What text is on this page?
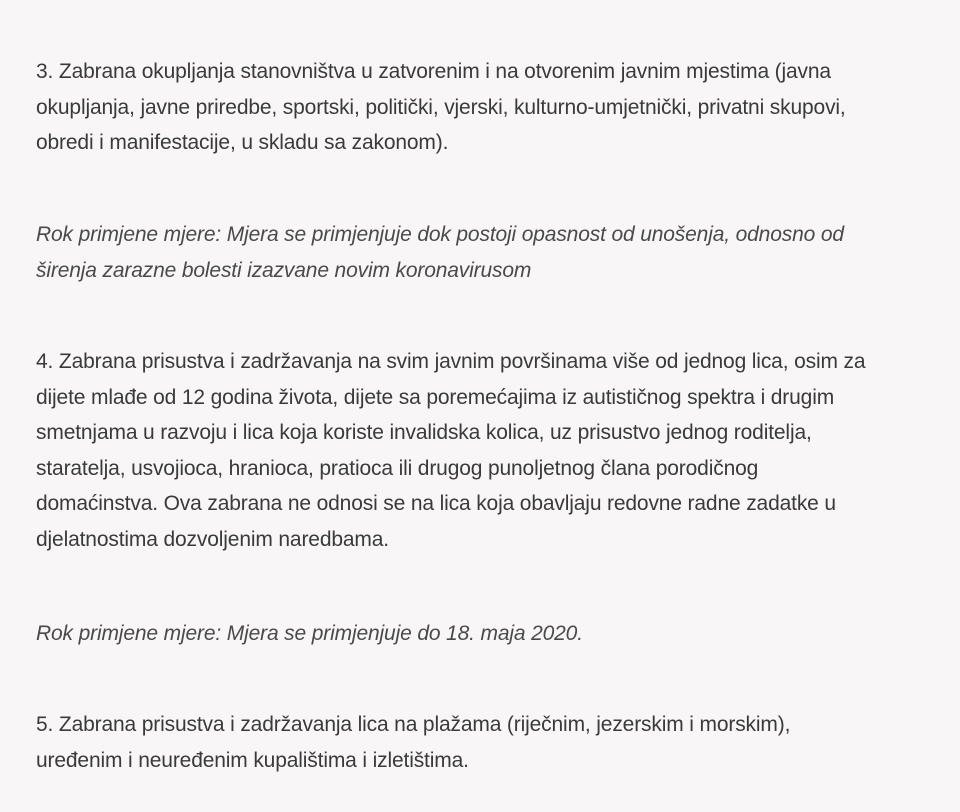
3. Zabrana okupljanja stanovništva u zatvorenim i na otvorenim javnim mjestima (javna
okupljanja, javne priredbe, sportski, politički, vjerski, kulturno-umjetnički, privatni skupovi,
obredi i manifestacije, u skladu sa zakonom).

Rok primjene mjere: Mjera se primjenjuje dok postoji opasnost od unošenja, odnosno od
širenja zarazne bolesti izazvane novim koronavirusom

4. Zabrana prisustva i zadržavanja na svim javnim površinama više od jednog lica, osim za
dijete mlađe od 12 godina života, dijete sa poremećajima iz autističnog spektra i drugim
smetnjama u razvoju i lica koja koriste invalidska kolica, uz prisustvo jednog roditelja,
staratelja, usvojioca, hranioca, pratioca ili drugog punoljetnog člana porodičnog
domaćinstva. Ova zabrana ne odnosi se na lica koja obavljaju redovne radne zadatke u
djelatnostima dozvoljenim naredbama.

Rok primjene mjere: Mjera se primjenjuje do 18. maja 2020.

5. Zabrana prisustva i zadržavanja lica na plažama (riječnim, jezerskim i morskim),
uređenim i neuređenim kupalištima i izletištima.
